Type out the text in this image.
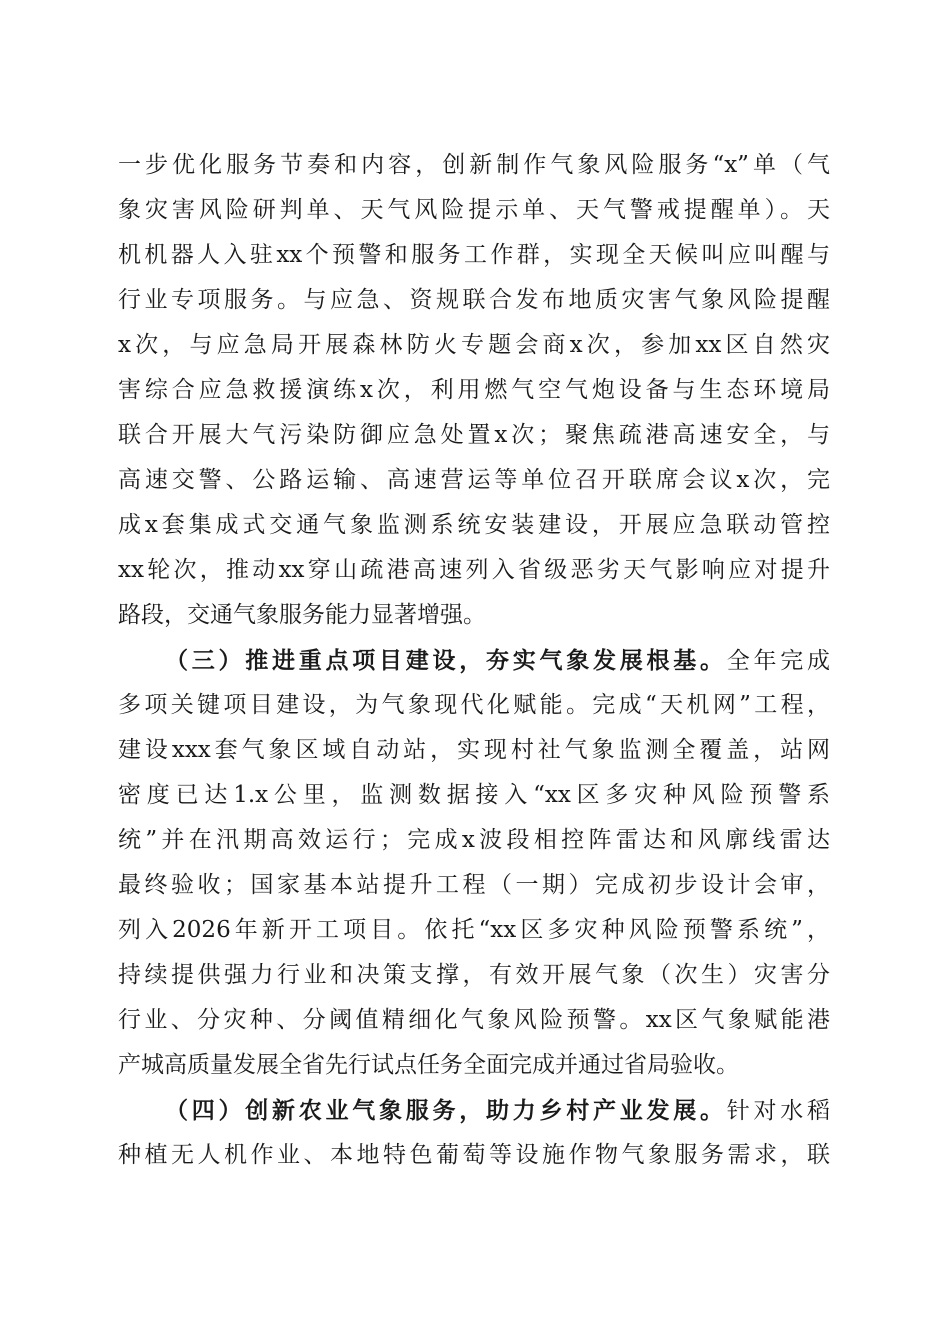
一步优化服务节奏和内容，创新制作气象风险服务“x”单（气
象灾害风险研判单、天气风险提示单、天气警戒提醒单）。天
机机器人入驻xx个预警和服务工作群，实现全天候叫应叫醒与
行业专项服务。与应急、资规联合发布地质灾害气象风险提醒
x次，与应急局开展森林防火专题会商x次，参加xx区自然灾
害综合应急救援演练x次，利用燃气空气炮设备与生态环境局
联合开展大气污染防御应急处置x次；聚焦疏港高速安全，与
高速交警、公路运输、高速营运等单位召开联席会议x次，完
成x套集成式交通气象监测系统安装建设，开展应急联动管控
xx轮次，推动xx穿山疏港高速列入省级恶劣天气影响应对提升
路段，交通气象服务能力显著增强。
（三）推进重点项目建设，夯实气象发展根基。全年完成
多项关键项目建设，为气象现代化赋能。完成“天机网”工程，
建设xxx套气象区域自动站，实现村社气象监测全覆盖，站网
密度已达1.x公里，监测数据接入“xx区多灾种风险预警系
统”并在汛期高效运行；完成x波段相控阵雷达和风廓线雷达
最终验收；国家基本站提升工程（一期）完成初步设计会审，
列入2026年新开工项目。依托“xx区多灾种风险预警系统”，
持续提供强力行业和决策支撑，有效开展气象（次生）灾害分
行业、分灾种、分阈值精细化气象风险预警。xx区气象赋能港
产城高质量发展全省先行试点任务全面完成并通过省局验收。
（四）创新农业气象服务，助力乡村产业发展。针对水稻
种植无人机作业、本地特色葡萄等设施作物气象服务需求，联
